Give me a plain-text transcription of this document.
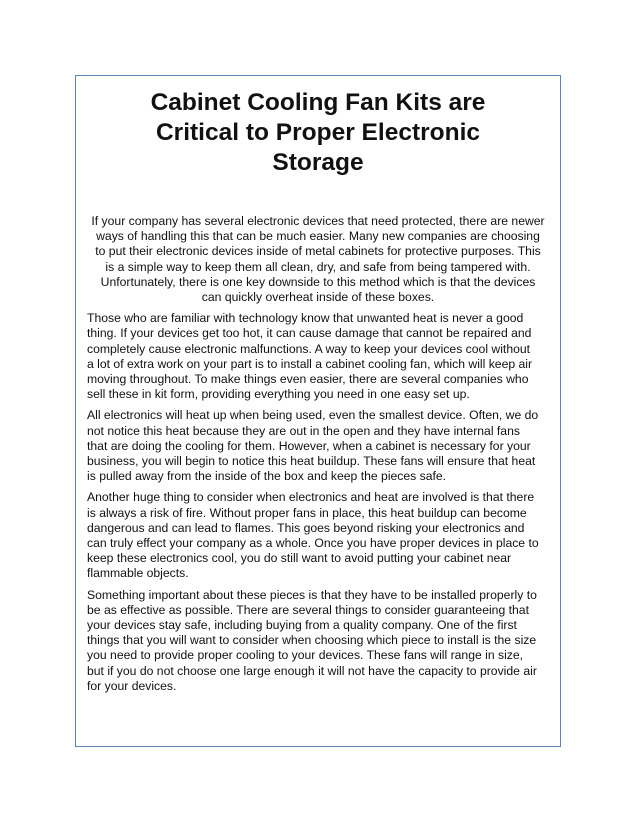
Cabinet Cooling Fan Kits are
Critical to Proper Electronic
Storage

If your company has several electronic devices that need protected, there are newer
ways of handling this that can be much easier. Many new companies are choosing
to put their electronic devices inside of metal cabinets for protective purposes. This
is a simple way to keep them all clean, dry, and safe from being tampered with.
Unfortunately, there is one key downside to this method which is that the devices
can quickly overheat inside of these boxes.

Those who are familiar with technology know that unwanted heat is never a good
thing. If your devices get too hot, it can cause damage that cannot be repaired and
completely cause electronic malfunctions. A way to keep your devices cool without
a lot of extra work on your part is to install a cabinet cooling fan, which will keep air
moving throughout. To make things even easier, there are several companies who
sell these in kit form, providing everything you need in one easy set up.

All electronics will heat up when being used, even the smallest device. Often, we do
not notice this heat because they are out in the open and they have internal fans
that are doing the cooling for them. However, when a cabinet is necessary for your
business, you will begin to notice this heat buildup. These fans will ensure that heat
is pulled away from the inside of the box and keep the pieces safe.

Another huge thing to consider when electronics and heat are involved is that there
is always a risk of fire. Without proper fans in place, this heat buildup can become
dangerous and can lead to flames. This goes beyond risking your electronics and
can truly effect your company as a whole. Once you have proper devices in place to
keep these electronics cool, you do still want to avoid putting your cabinet near
flammable objects.

Something important about these pieces is that they have to be installed properly to
be as effective as possible. There are several things to consider guaranteeing that
your devices stay safe, including buying from a quality company. One of the first
things that you will want to consider when choosing which piece to install is the size
you need to provide proper cooling to your devices. These fans will range in size,
but if you do not choose one large enough it will not have the capacity to provide air
for your devices.
